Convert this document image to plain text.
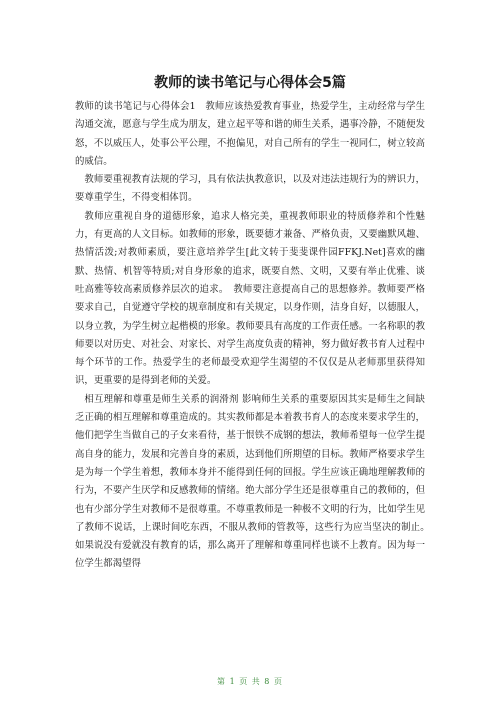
教师的读书笔记与心得体会5篇

教师的读书笔记与心得体会1　教师应该热爱教育事业，热爱学生，主动经常与学生沟通交流，愿意与学生成为朋友，建立起平等和谐的师生关系，遇事冷静，不随便发怒，不以威压人，处事公平公理，不抱偏见，对自己所有的学生一视同仁，树立较高的威信。

教师要重视教育法规的学习，具有依法执教意识，以及对违法违规行为的辨识力，要尊重学生，不得变相体罚。

教师应重视自身的道德形象，追求人格完美，重视教师职业的特质修养和个性魅力，有更高的人文目标。如教师的形象，既要德才兼备、严格负责，又要幽默风趣、热情活泼;对教师素质，要注意培养学生[此文转于斐斐课件园FFKJ.Net]喜欢的幽默、热情、机智等特质;对自身形象的追求，既要自然、文明，又要有举止优雅、谈吐高雅等较高素质修养层次的追求。　教师要注意提高自己的思想修养。教师要严格要求自己，自觉遵守学校的规章制度和有关规定，以身作则，洁身自好，以德服人，以身立教，为学生树立起楷模的形象。教师要具有高度的工作责任感。一名称职的教师要以对历史、对社会、对家长、对学生高度负责的精神，努力做好教书育人过程中每个环节的工作。热爱学生的老师最受欢迎学生渴望的不仅仅是从老师那里获得知识，更重要的是得到老师的关爱。

相互理解和尊重是师生关系的润滑剂 影响师生关系的重要原因其实是师生之间缺乏正确的相互理解和尊重造成的。其实教师都是本着教书育人的态度来要求学生的，他们把学生当做自己的子女来看待，基于恨铁不成钢的想法，教师希望每一位学生提高自身的能力，发展和完善自身的素质，达到他们所期望的目标。教师严格要求学生是为每一个学生着想，教师本身并不能得到任何的回报。学生应该正确地理解教师的行为，不要产生厌学和反感教师的情绪。绝大部分学生还是很尊重自己的教师的，但也有少部分学生对教师不是很尊重。不尊重教师是一种极不文明的行为，比如学生见了教师不说话，上课时间吃东西，不服从教师的管教等，这些行为应当坚决的制止。　如果说没有爱就没有教育的话，那么离开了理解和尊重同样也谈不上教育。因为每一位学生都渴望得

第 1 页 共 8 页
